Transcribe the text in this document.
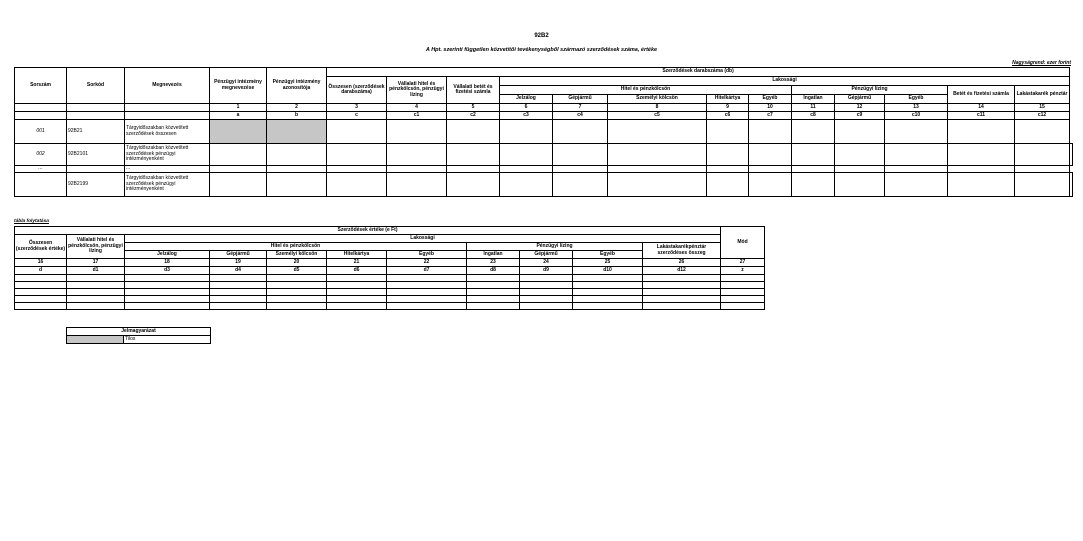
92B2
A Hpt. szerinti független közvetítői tevékenységből származó szerződések száma, értéke
Nagyságrend: ezer forint
Sorszám	Sorkód	Megnevezés	Pénzügyi intézmény megnevezése	Pénzügyi intézmény azonosítója	Szerződések darabszáma (db)													
					Összesen (szerződések darabszáma)	Vállalati hitel és pénzkölcsön, pénzügyi lízing	Vállalati betét és fizetési számla	Lakossági										
								Hitel és pénzkölcsön					Pénzügyi lízing			Betét és fizetési számla	Lakástakarék pénztár	
								Jelzálog	Gépjármű	Személyi kölcsön	Hitelkártya	Egyéb	Ingatlan	Gépjármű	Egyéb			
			1	2	3	4	5	6	7	8	9	10	11	12	13	14	15	
			a	b	c	c1	c2	c3	c4	c5	c6	c7	c8	c9	c10	c11	c12	
001	92B21	Tárgyidőszakban közvetített szerződések összesen																
002	92B2101	Tárgyidőszakban közvetített szerződések pénzügyi intézményenként																
...		...																
	92B2199	Tárgyidőszakban közvetített szerződések pénzügyi intézményenként																
tábla folytatása
Szerződések értéke (e Ft)											Mód
Összesen (szerződések értéke)	Vállalati hitel és pénzkölcsön, pénzügyi lízing	Lakossági									
		Hitel és pénzkölcsön					Pénzügyi lízing			Lakástakarékpénztár szerződéses összeg	
		Jelzálog	Gépjármű	Személyi kölcsön	Hitelkártya	Egyéb	Ingatlan	Gépjármű	Egyéb		
16	17	18	19	20	21	22	23	24	25	26	27
d	d1	d3	d4	d5	d6	d7	d8	d9	d10	d12	z

Jelmagyarázat
	Tilos
